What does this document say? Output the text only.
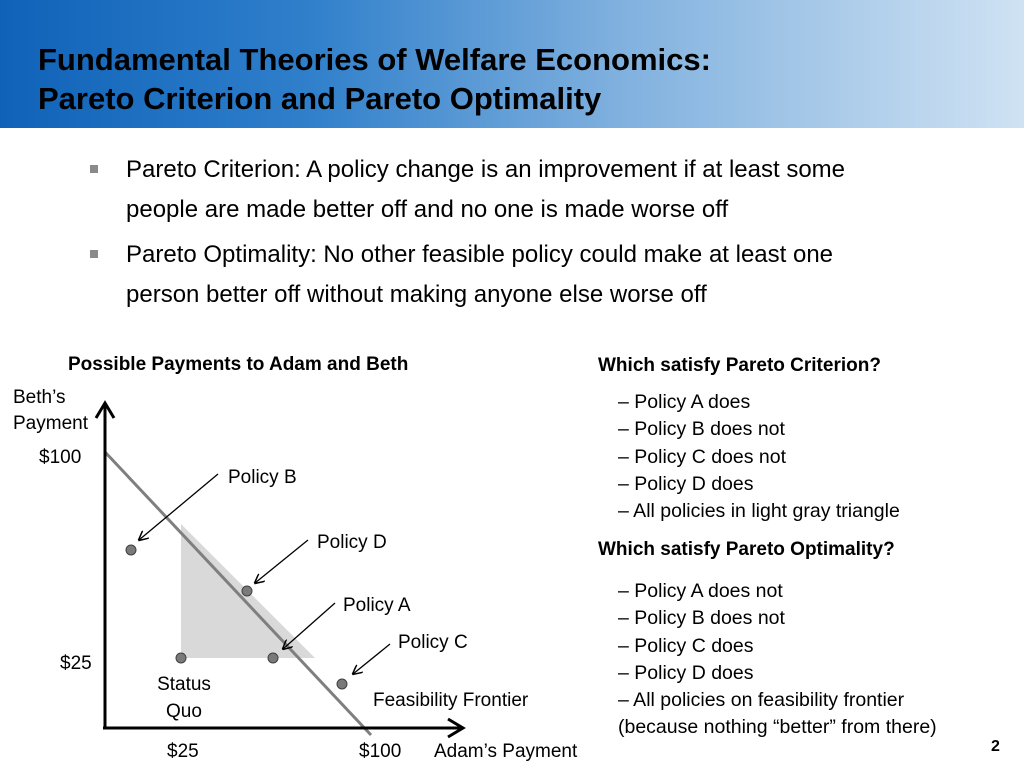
Fundamental Theories of Welfare Economics:
Pareto Criterion and Pareto Optimality
Pareto Criterion: A policy change is an improvement if at least some
people are made better off and no one is made worse off
Pareto Optimality: No other feasible policy could make at least one
person better off without making anyone else worse off
Possible Payments to Adam and Beth
Beth’s
Payment
$100
$25
$25	$100 Adam’s Payment
Policy B
Policy D
Policy A
Policy C
Status
Quo
Feasibility Frontier
Which satisfy Pareto Criterion?
– Policy A does
– Policy B does not
– Policy C does not
– Policy D does
– All policies in light gray triangle
Which satisfy Pareto Optimality?
– Policy A does not
– Policy B does not
– Policy C does
– Policy D does
– All policies on feasibility frontier
(because nothing “better” from there)
2
